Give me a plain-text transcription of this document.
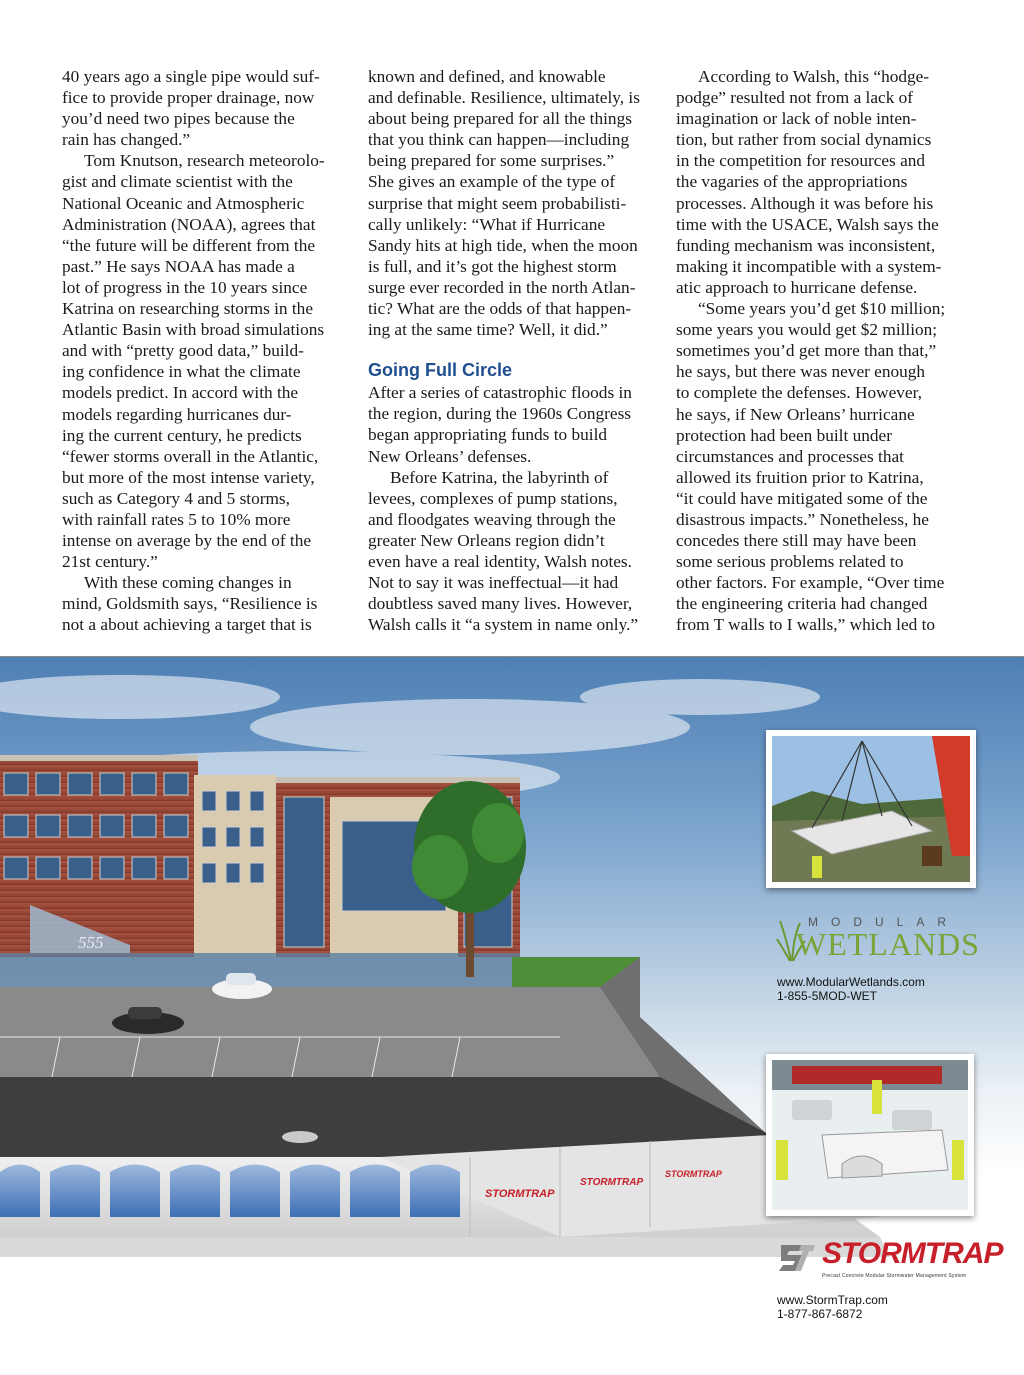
40 years ago a single pipe would suf-
fice to provide proper drainage, now
you’d need two pipes because the
rain has changed.”

Tom Knutson, research meteorolo-
gist and climate scientist with the
National Oceanic and Atmospheric
Administration (NOAA), agrees that
“the future will be different from the
past.” He says NOAA has made a
lot of progress in the 10 years since
Katrina on researching storms in the
Atlantic Basin with broad simulations
and with “pretty good data,” build-
ing confidence in what the climate
models predict. In accord with the
models regarding hurricanes dur-
ing the current century, he predicts
“fewer storms overall in the Atlantic,
but more of the most intense variety,
such as Category 4 and 5 storms,
with rainfall rates 5 to 10% more
intense on average by the end of the
21st century.”

With these coming changes in
mind, Goldsmith says, “Resilience is
not a about achieving a target that is

known and defined, and knowable
and definable. Resilience, ultimately, is
about being prepared for all the things
that you think can happen—including
being prepared for some surprises.”
She gives an example of the type of
surprise that might seem probabilisti-
cally unlikely: “What if Hurricane
Sandy hits at high tide, when the moon
is full, and it’s got the highest storm
surge ever recorded in the north Atlan-
tic? What are the odds of that happen-
ing at the same time? Well, it did.”

Going Full Circle

After a series of catastrophic floods in
the region, during the 1960s Congress
began appropriating funds to build
New Orleans’ defenses.

Before Katrina, the labyrinth of
levees, complexes of pump stations,
and floodgates weaving through the
greater New Orleans region didn’t
even have a real identity, Walsh notes.
Not to say it was ineffectual—it had
doubtless saved many lives. However,
Walsh calls it “a system in name only.”

According to Walsh, this “hodge-
podge” resulted not from a lack of
imagination or lack of noble inten-
tion, but rather from social dynamics
in the competition for resources and
the vagaries of the appropriations
processes. Although it was before his
time with the USACE, Walsh says the
funding mechanism was inconsistent,
making it incompatible with a system-
atic approach to hurricane defense.

“Some years you’d get $10 million;
some years you would get $2 million;
sometimes you’d get more than that,”
he says, but there was never enough
to complete the defenses. However,
he says, if New Orleans’ hurricane
protection had been built under
circumstances and processes that
allowed its fruition prior to Katrina,
“it could have mitigated some of the
disastrous impacts.” Nonetheless, he
concedes there still may have been
some serious problems related to
other factors. For example, “Over time
the engineering criteria had changed
from T walls to I walls,” which led to

555
STORMTRAP
STORMTRAP
STORMTRAP
MODULAR
WETLANDS
www.ModularWetlands.com
1-855-5MOD-WET
STORMTRAP
Precast Concrete Modular Stormwater Management System
www.StormTrap.com
1-877-867-6872
